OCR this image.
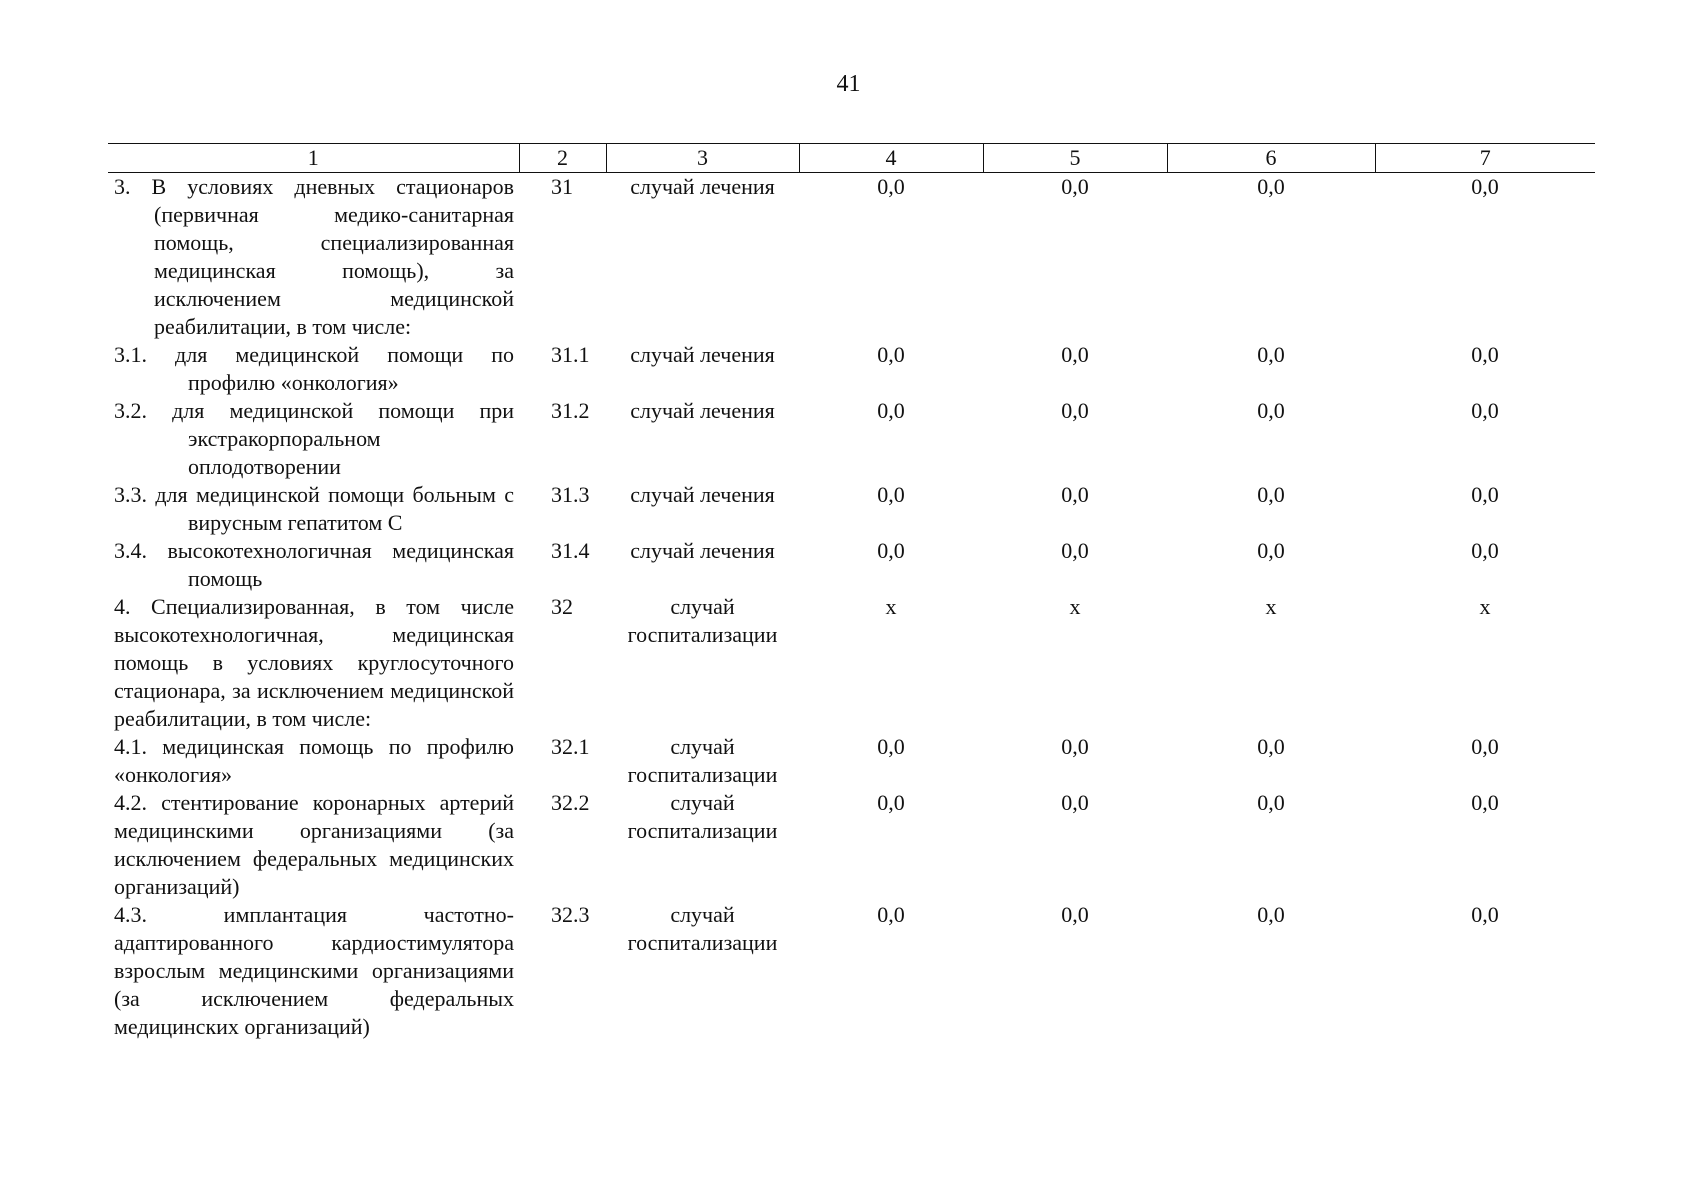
41
1	2	3	4	5	6	7

3. В условиях дневных стационаров (первичная медико-санитарная помощь, специализированная медицинская помощь), за исключением медицинской реабилитации, в том числе:	31	случай лечения	0,0	0,0	0,0	0,0

3.1. для медицинской помощи по профилю «онкология»	31.1	случай лечения	0,0	0,0	0,0	0,0

3.2. для медицинской помощи при экстракорпоральном оплодотворении	31.2	случай лечения	0,0	0,0	0,0	0,0

3.3. для медицинской помощи больным с вирусным гепатитом С	31.3	случай лечения	0,0	0,0	0,0	0,0

3.4. высокотехнологичная медицинская помощь	31.4	случай лечения	0,0	0,0	0,0	0,0

4. Специализированная, в том числе высокотехнологичная, медицинская помощь в условиях круглосуточного стационара, за исключением медицинской реабилитации, в том числе:	32	случай госпитализации	х	х	х	х

4.1. медицинская помощь по профилю «онкология»	32.1	случай госпитализации	0,0	0,0	0,0	0,0

4.2. стентирование коронарных артерий медицинскими организациями (за исключением федеральных медицинских организаций)	32.2	случай госпитализации	0,0	0,0	0,0	0,0

4.3. имплантация частотно-адаптированного кардиостимулятора взрослым медицинскими организациями (за исключением федеральных медицинских организаций)	32.3	случай госпитализации	0,0	0,0	0,0	0,0
